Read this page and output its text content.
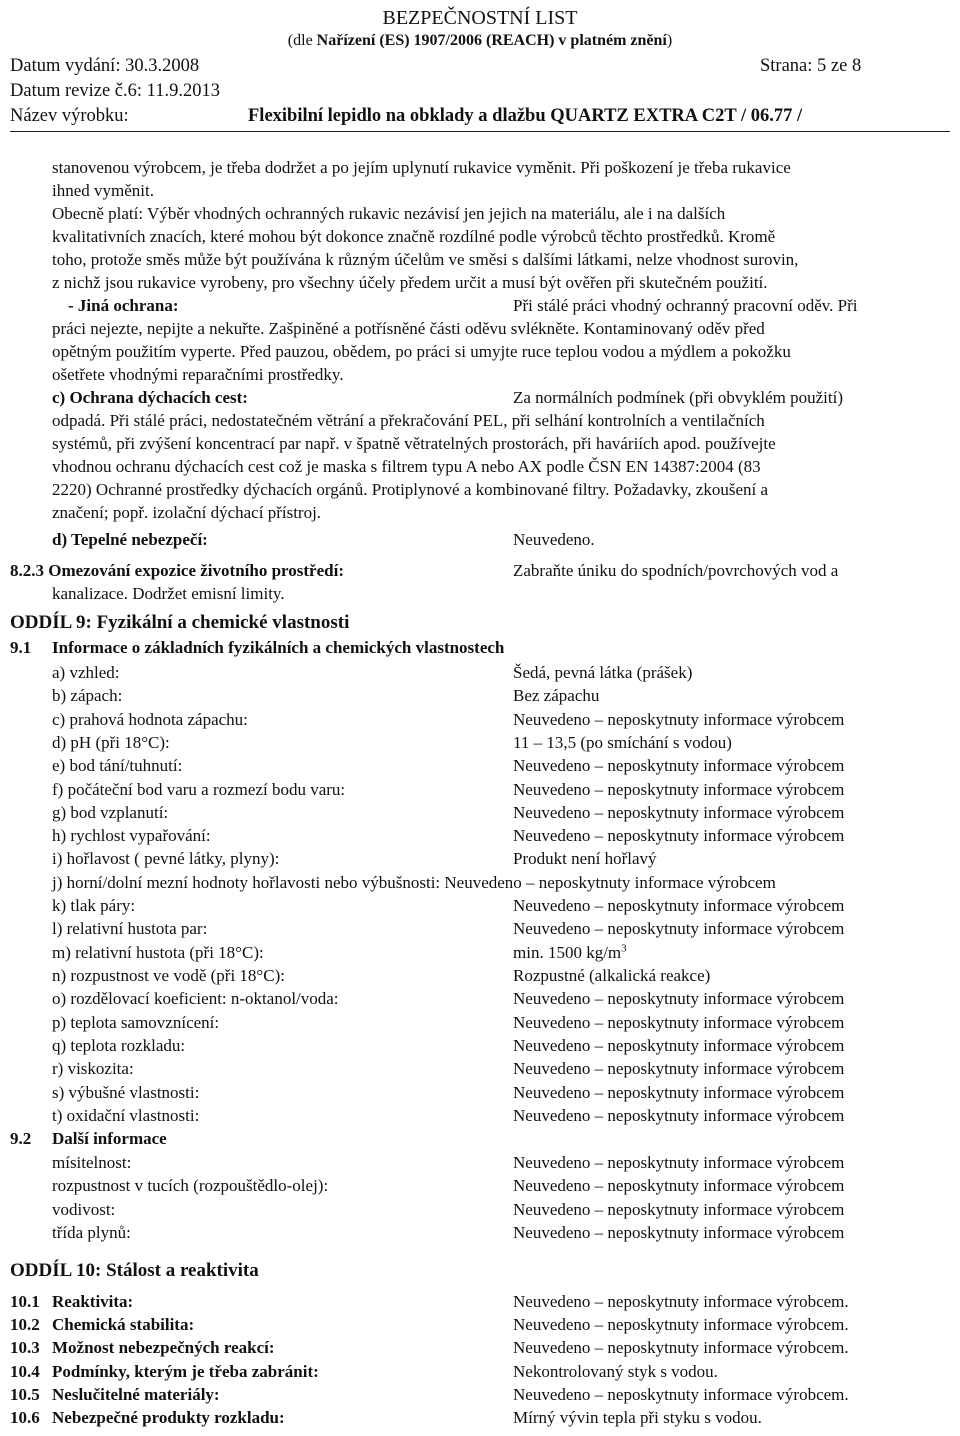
BEZPEČNOSTNÍ LIST
(dle Nařízení (ES) 1907/2006 (REACH) v platném znění)
Datum vydání: 30.3.2008	Strana: 5 ze 8
Datum revize č.6: 11.9.2013
Název výrobku:	Flexibilní lepidlo na obklady a dlažbu QUARTZ EXTRA C2T / 06.77 /
stanovenou výrobcem, je třeba dodržet a po jejím uplynutí rukavice vyměnit. Při poškození je třeba rukavice
ihned vyměnit.
Obecně platí: Výběr vhodných ochranných rukavic nezávisí jen jejich na materiálu, ale i na dalších
kvalitativních znacích, které mohou být dokonce značně rozdílné podle výrobců těchto prostředků. Kromě
toho, protože směs může být používána k různým účelům ve směsi s dalšími látkami, nelze vhodnost surovin,
z nichž jsou rukavice vyrobeny, pro všechny účely předem určit a musí být ověřen při skutečném použití.
- Jiná ochrana:	Při stálé práci vhodný ochranný pracovní oděv. Při
práci nejezte, nepijte a nekuřte. Zašpiněné a potřísněné části oděvu svlékněte. Kontaminovaný oděv před
opětným použitím vyperte. Před pauzou, obědem, po práci si umyjte ruce teplou vodou a mýdlem a pokožku
ošetřete vhodnými reparačními prostředky.
c) Ochrana dýchacích cest:	Za normálních podmínek (při obvyklém použití)
odpadá. Při stálé práci, nedostatečném větrání a překračování PEL, při selhání kontrolních a ventilačních
systémů, při zvýšení koncentrací par např. v špatně větratelných prostorách, při haváriích apod. používejte
vhodnou ochranu dýchacích cest což je maska s filtrem typu A nebo AX podle ČSN EN 14387:2004 (83
2220) Ochranné prostředky dýchacích orgánů. Protiplynové a kombinované filtry. Požadavky, zkoušení a
značení; popř. izolační dýchací přístroj.
d) Tepelné nebezpečí:	Neuvedeno.
8.2.3 Omezování expozice životního prostředí:	Zabraňte úniku do spodních/povrchových vod a
kanalizace. Dodržet emisní limity.
ODDÍL 9: Fyzikální a chemické vlastnosti
9.1 Informace o základních fyzikálních a chemických vlastnostech
a) vzhled:	Šedá, pevná látka (prášek)
b) zápach:	Bez zápachu
c) prahová hodnota zápachu:	Neuvedeno – neposkytnuty informace výrobcem
d) pH (při 18°C):	11 – 13,5 (po smíchání s vodou)
e) bod tání/tuhnutí:	Neuvedeno – neposkytnuty informace výrobcem
f) počáteční bod varu a rozmezí bodu varu:	Neuvedeno – neposkytnuty informace výrobcem
g) bod vzplanutí:	Neuvedeno – neposkytnuty informace výrobcem
h) rychlost vypařování:	Neuvedeno – neposkytnuty informace výrobcem
i) hořlavost ( pevné látky, plyny):	Produkt není hořlavý
j) horní/dolní mezní hodnoty hořlavosti nebo výbušnosti: Neuvedeno – neposkytnuty informace výrobcem
k) tlak páry:	Neuvedeno – neposkytnuty informace výrobcem
l) relativní hustota par:	Neuvedeno – neposkytnuty informace výrobcem
m) relativní hustota (při 18°C):	min. 1500 $kg/m^3$
n) rozpustnost ve vodě (při 18°C):	Rozpustné (alkalická reakce)
o) rozdělovací koeficient: n-oktanol/voda:	Neuvedeno – neposkytnuty informace výrobcem
p) teplota samovznícení:	Neuvedeno – neposkytnuty informace výrobcem
q) teplota rozkladu:	Neuvedeno – neposkytnuty informace výrobcem
r) viskozita:	Neuvedeno – neposkytnuty informace výrobcem
s) výbušné vlastnosti:	Neuvedeno – neposkytnuty informace výrobcem
t) oxidační vlastnosti:	Neuvedeno – neposkytnuty informace výrobcem
9.2 Další informace
mísitelnost:	Neuvedeno – neposkytnuty informace výrobcem
rozpustnost v tucích (rozpouštědlo-olej):	Neuvedeno – neposkytnuty informace výrobcem
vodivost:	Neuvedeno – neposkytnuty informace výrobcem
třída plynů:	Neuvedeno – neposkytnuty informace výrobcem
ODDÍL 10: Stálost a reaktivita
10.1 Reaktivita:	Neuvedeno – neposkytnuty informace výrobcem.
10.2 Chemická stabilita:	Neuvedeno – neposkytnuty informace výrobcem.
10.3 Možnost nebezpečných reakcí:	Neuvedeno – neposkytnuty informace výrobcem.
10.4 Podmínky, kterým je třeba zabránit:	Nekontrolovaný styk s vodou.
10.5 Neslučitelné materiály:	Neuvedeno – neposkytnuty informace výrobcem.
10.6 Nebezpečné produkty rozkladu:	Mírný vývin tepla při styku s vodou.
